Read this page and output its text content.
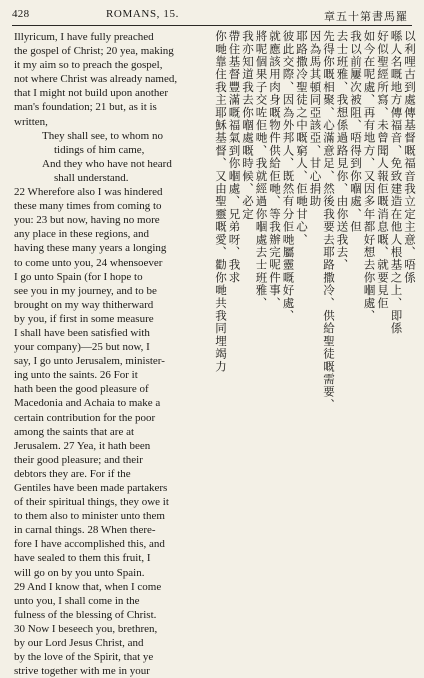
428	ROMANS, 15.	章五十第書馬羅
Illyricum, I have fully preached
the gospel of Christ; 20 yea, making
it my aim so to preach the gospel,
not where Christ was already named,
that I might not build upon another
man's foundation; 21 but, as it is
written,
They shall see, to whom no
tidings of him came,
And they who have not heard
shall understand.
22 Wherefore also I was hindered
these many times from coming to
you: 23 but now, having no more
any place in these regions, and
having these many years a longing
to come unto you, 24 whensoever
I go unto Spain (for I hope to
see you in my journey, and to be
brought on my way thitherward
by you, if first in some measure
I shall have been satisfied with
your company)—25 but now, I
say, I go unto Jerusalem, minister-
ing unto the saints. 26 For it
hath been the good pleasure of
Macedonia and Achaia to make a
certain contribution for the poor
among the saints that are at
Jerusalem. 27 Yea, it hath been
their good pleasure; and their
debtors they are. For if the
Gentiles have been made partakers
of their spiritual things, they owe it
to them also to minister unto them
in carnal things. 28 When there-
fore I have accomplished this, and
have sealed to them this fruit, I
will go on by you unto Spain.
29 And I know that, when I come
unto you, I shall come in the
fulness of the blessing of Christ.
30 Now I beseech you, brethren,
by our Lord Jesus Christ, and
by the love of the Spirit, that ye
strive together with me in your
以利哩古到處傳基督嘅福音我立定主意、唔係
喺人名嘅地方傳福音、免致建造在他人根基之上、即係
好似聖經所寫、未曾聞人報佢嘅消息嘅、就要見佢
如今在呢處、再有地方、又因多年都好想去你嗰處、
我以前屢次被阻、唔得到你嗰處、但
去士班雅、我想係過路見你、由你送我去、
先得你嘅相聚、心滿意足、然後我要去耶路撒冷、供給聖徒嘅需要、
因為馬其頓同亞該亞、甘心捐助
耶路撒冷聖徒之中嘅窮人、佢哋甘心、
彼此交際、因為外邦人、既然有分佢哋屬靈嘅好處、
就應該用肉身嘅物件供給佢哋、等我辦完呢件事、
將呢個果子交咗佢哋、我就經過你嗰處去士班雅、
我亦知道我去你嗰處嘅時候、必定
帶住基督豐滿嘅福氣到你嗰處、兄弟呀、我求
你哋靠住我主耶穌基督、又由聖靈嘅愛、勸你哋共我同埋竭力
